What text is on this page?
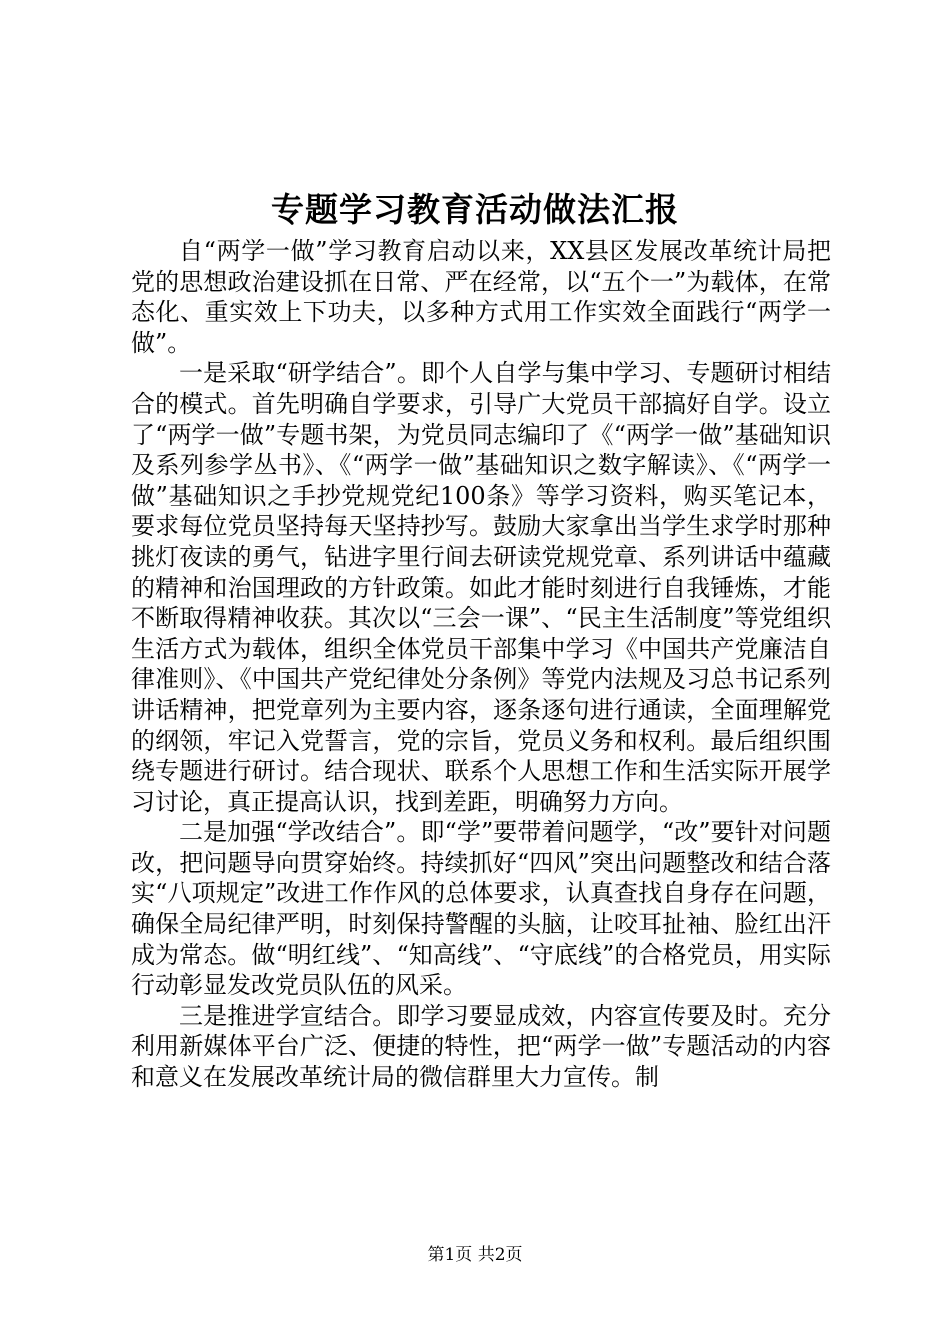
专题学习教育活动做法汇报

自“两学一做”学习教育启动以来，XX县区发展改革统计局把党的思想政治建设抓在日常、严在经常，以“五个一”为载体，在常态化、重实效上下功夫，以多种方式用工作实效全面践行“两学一做”。

一是采取“研学结合”。即个人自学与集中学习、专题研讨相结合的模式。首先明确自学要求，引导广大党员干部搞好自学。设立了“两学一做”专题书架，为党员同志编印了《“两学一做”基础知识及系列参学丛书》、《“两学一做”基础知识之数字解读》、《“两学一做”基础知识之手抄党规党纪100条》等学习资料，购买笔记本，要求每位党员坚持每天坚持抄写。鼓励大家拿出当学生求学时那种挑灯夜读的勇气，钻进字里行间去研读党规党章、系列讲话中蕴藏的精神和治国理政的方针政策。如此才能时刻进行自我锤炼，才能不断取得精神收获。其次以“三会一课”、“民主生活制度”等党组织生活方式为载体，组织全体党员干部集中学习《中国共产党廉洁自律准则》、《中国共产党纪律处分条例》等党内法规及习总书记系列讲话精神，把党章列为主要内容，逐条逐句进行通读，全面理解党的纲领，牢记入党誓言，党的宗旨，党员义务和权利。最后组织围绕专题进行研讨。结合现状、联系个人思想工作和生活实际开展学习讨论，真正提高认识，找到差距，明确努力方向。

二是加强“学改结合”。即“学”要带着问题学，“改”要针对问题改，把问题导向贯穿始终。持续抓好“四风”突出问题整改和结合落实“八项规定”改进工作作风的总体要求，认真查找自身存在问题，确保全局纪律严明，时刻保持警醒的头脑，让咬耳扯袖、脸红出汗成为常态。做“明红线”、“知高线”、“守底线”的合格党员，用实际行动彰显发改党员队伍的风采。

三是推进学宣结合。即学习要显成效，内容宣传要及时。充分利用新媒体平台广泛、便捷的特性，把“两学一做”专题活动的内容和意义在发展改革统计局的微信群里大力宣传。制

第1页 共2页
